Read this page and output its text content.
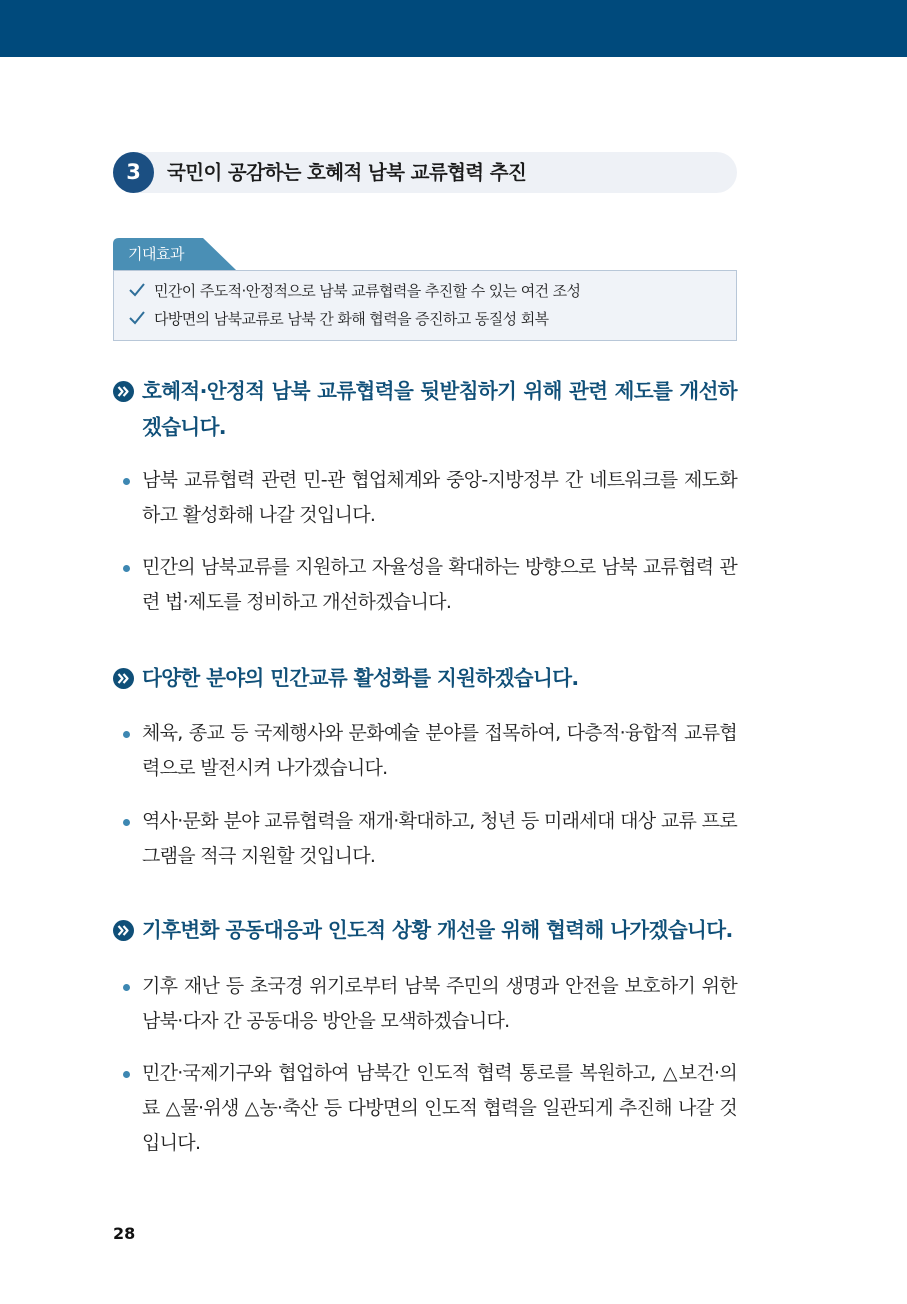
3	국민이 공감하는 호혜적 남북 교류협력 추진
기대효과
민간이 주도적·안정적으로 남북 교류협력을 추진할 수 있는 여건 조성
다방면의 남북교류로 남북 간 화해 협력을 증진하고 동질성 회복
호혜적·안정적 남북 교류협력을 뒷받침하기 위해 관련 제도를 개선하겠습니다.
남북 교류협력 관련 민-관 협업체계와 중앙-지방정부 간 네트워크를 제도화하고 활성화해 나갈 것입니다.
민간의 남북교류를 지원하고 자율성을 확대하는 방향으로 남북 교류협력 관련 법·제도를 정비하고 개선하겠습니다.
다양한 분야의 민간교류 활성화를 지원하겠습니다.
체육, 종교 등 국제행사와 문화예술 분야를 접목하여, 다층적·융합적 교류협력으로 발전시켜 나가겠습니다.
역사·문화 분야 교류협력을 재개·확대하고, 청년 등 미래세대 대상 교류 프로그램을 적극 지원할 것입니다.
기후변화 공동대응과 인도적 상황 개선을 위해 협력해 나가겠습니다.
기후 재난 등 초국경 위기로부터 남북 주민의 생명과 안전을 보호하기 위한 남북·다자 간 공동대응 방안을 모색하겠습니다.
민간·국제기구와 협업하여 남북간 인도적 협력 통로를 복원하고, △보건·의료 △물·위생 △농·축산 등 다방면의 인도적 협력을 일관되게 추진해 나갈 것입니다.
28
